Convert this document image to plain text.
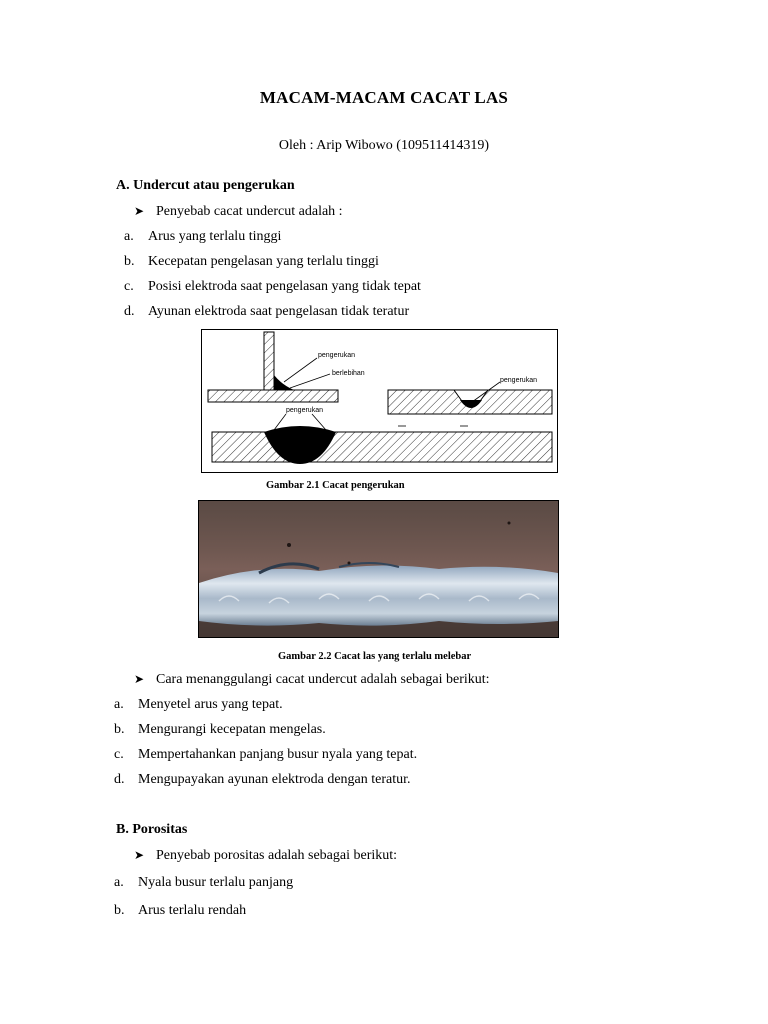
MACAM-MACAM CACAT LAS
Oleh : Arip Wibowo (109511414319)
A. Undercut atau pengerukan
➤ Penyebab cacat undercut adalah :
a. Arus yang terlalu tinggi
b. Kecepatan pengelasan yang terlalu tinggi
c. Posisi elektroda saat pengelasan yang tidak tepat
d. Ayunan elektroda saat pengelasan tidak teratur
pengerukan
berlebihan
pengerukan
pengerukan
Gambar 2.1 Cacat pengerukan
Gambar 2.2 Cacat las yang terlalu melebar
➤ Cara menanggulangi cacat undercut adalah sebagai berikut:
a. Menyetel arus yang tepat.
b. Mengurangi kecepatan mengelas.
c. Mempertahankan panjang busur nyala yang tepat.
d. Mengupayakan ayunan elektroda dengan teratur.
B. Porositas
➤ Penyebab porositas adalah sebagai berikut:
a. Nyala busur terlalu panjang
b. Arus terlalu rendah
